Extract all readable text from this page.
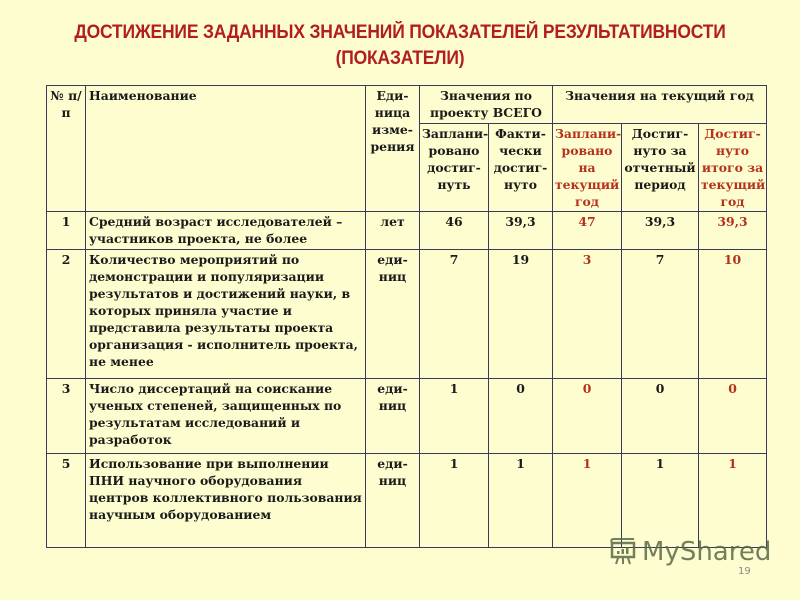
ДОСТИЖЕНИЕ ЗАДАННЫХ ЗНАЧЕНИЙ ПОКАЗАТЕЛЕЙ РЕЗУЛЬТАТИВНОСТИ
(ПОКАЗАТЕЛИ)
№ п/п	Наименование	Еди-ница изме-рения	Значения по проекту ВСЕГО		Значения на текущий год		
			Заплани-ровано достиг-нуть	Факти-чески достиг-нуто	Заплани-ровано на текущий год	Достиг-нуто за отчетный период	Достиг-нуто итого за текущий год
1	Средний возраст исследователей – участников проекта, не более	лет	46	39,3	47	39,3	39,3
2	Количество мероприятий по демонстрации и популяризации результатов и достижений науки, в которых приняла участие и представила результаты проекта организация - исполнитель проекта, не менее	еди-ниц	7	19	3	7	10
3	Число диссертаций на соискание ученых степеней, защищенных по результатам исследований и разработок	еди-ниц	1	0	0	0	0
5	Использование при выполнении ПНИ научного оборудования центров коллективного пользования научным оборудованием	еди-ниц	1	1	1	1	1
MyShared
19
